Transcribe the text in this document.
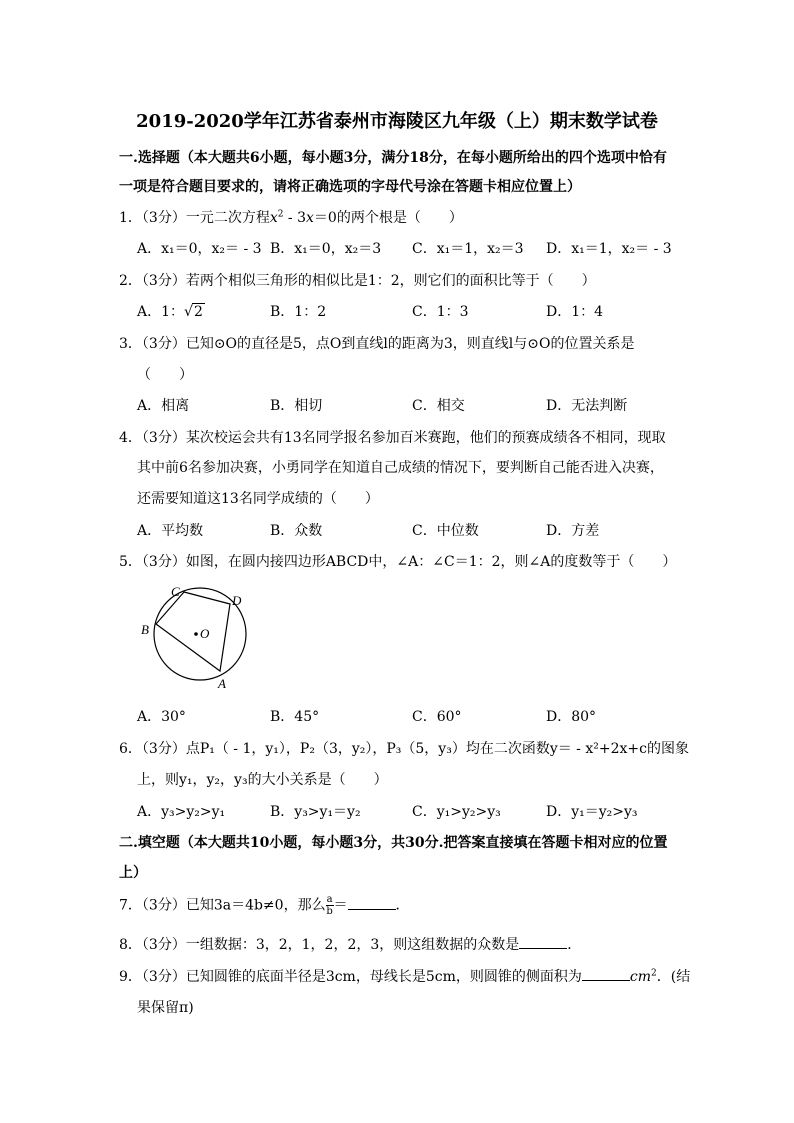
2019-2020学年江苏省泰州市海陵区九年级（上）期末数学试卷
一.选择题（本大题共6小题，每小题3分，满分18分，在每小题所给出的四个选项中恰有
一项是符合题目要求的，请将正确选项的字母代号涂在答题卡相应位置上）
1．（3分）一元二次方程$x^2 - 3x=0$的两个根是（　　）
A．x₁＝0，x₂＝ - 3 B．x₁＝0，x₂＝3 C．x₁＝1，x₂＝3 D．x₁＝1，x₂＝ - 3
2．（3分）若两个相似三角形的相似比是1：2，则它们的面积比等于（　　）
A．1：√2	B．1：2	C．1：3	D．1：4
3．（3分）已知⊙O的直径是5，点O到直线l的距离为3，则直线l与⊙O的位置关系是
（　　）
A．相离	B．相切	C．相交	D．无法判断
4．（3分）某次校运会共有13名同学报名参加百米赛跑，他们的预赛成绩各不相同，现取
其中前6名参加决赛，小勇同学在知道自己成绩的情况下，要判断自己能否进入决赛，
还需要知道这13名同学成绩的（　　）
A．平均数	B．众数	C．中位数	D．方差
5．（3分）如图，在圆内接四边形ABCD中，∠A：∠C＝1：2，则∠A的度数等于（　　）
C
D
B
A
O
A．30°	B．45°	C．60°	D．80°
6．（3分）点P₁（ - 1，y₁），P₂（3，y₂），P₃（5，y₃）均在二次函数y＝ - x²+2x+c的图象
上，则y₁，y₂，y₃的大小关系是（　　）
A．y₃>y₂>y₁	B．y₃>y₁＝y₂	C．y₁>y₂>y₃	D．y₁＝y₂>y₃
二.填空题（本大题共10小题，每小题3分，共30分.把答案直接填在答题卡相对应的位置
上）
7．（3分）已知3a＝4b≠0，那么 $\frac{a}{b}$ ＝	．
8．（3分）一组数据：3，2，1，2，2，3，则这组数据的众数是	．
9．（3分）已知圆锥的底面半径是3cm，母线长是5cm，则圆锥的侧面积为	$cm^2$．(结
果保留π)
